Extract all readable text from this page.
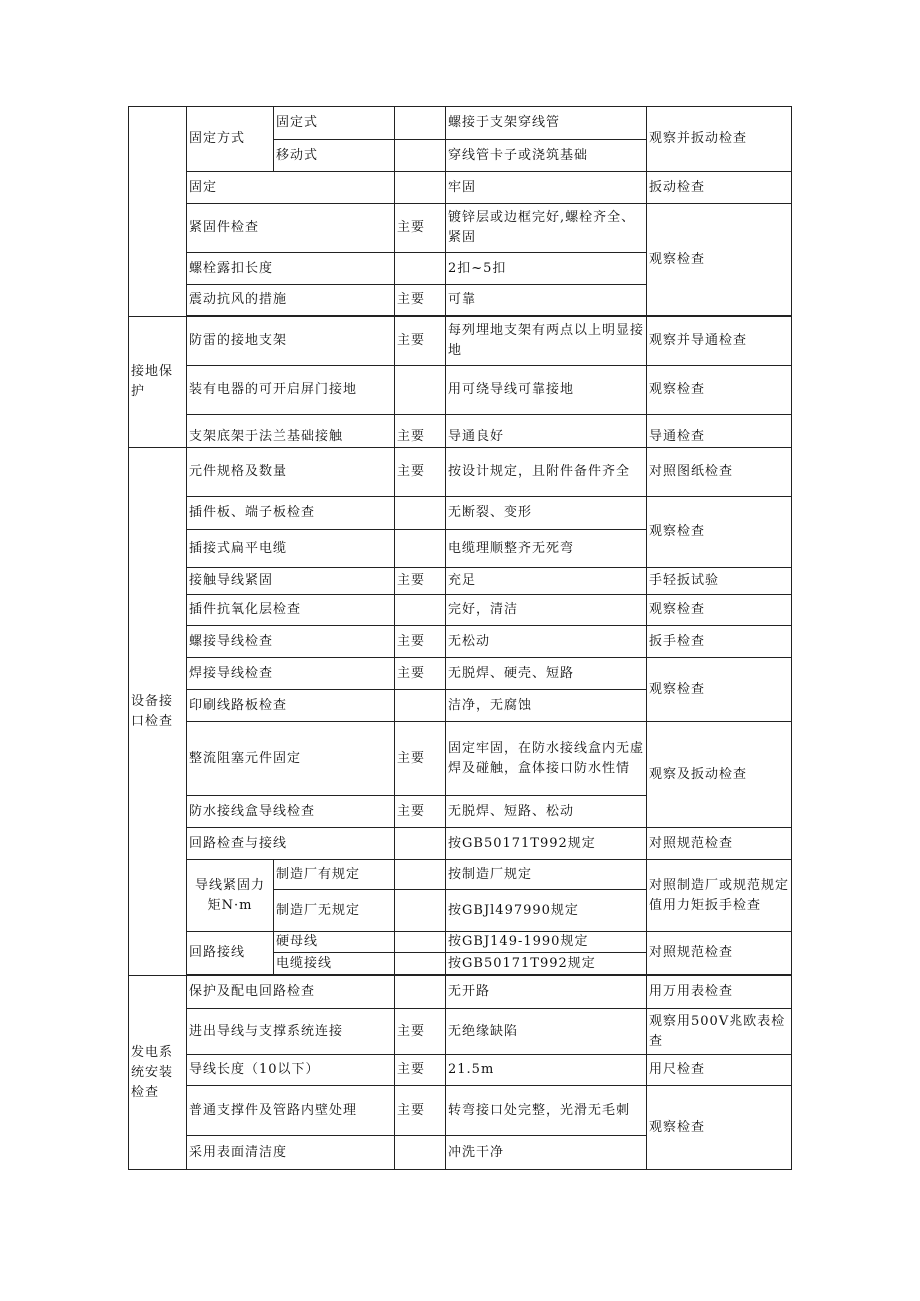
	固定方式	固定式		螺接于支架穿线管	观察并扳动检查
		移动式		穿线管卡子或浇筑基础	
	固定			牢固	扳动检查
	紧固件检查		主要	镀锌层或边框完好,螺栓齐全、紧固	观察检查
	螺栓露扣长度			2扣~5扣	
	震动抗风的措施		主要	可靠	

接地保护	防雷的接地支架		主要	每列埋地支架有两点以上明显接地	观察并导通检查
	装有电器的可开启屏门接地			用可绕导线可靠接地	观察检查
	支架底架于法兰基础接触		主要	导通良好	导通检查
设备接口检查	元件规格及数量		主要	按设计规定，且附件备件齐全	对照图纸检查
	插件板、端子板检查			无断裂、变形	观察检查
	插接式扁平电缆			电缆理顺整齐无死弯	
	接触导线紧固		主要	充足	手轻扳试验
	插件抗氧化层检查			完好，清洁	观察检查
	螺接导线检查		主要	无松动	扳手检查
	焊接导线检查		主要	无脱焊、硬壳、短路	观察检查
	印刷线路板检查			洁净，无腐蚀	
	整流阻塞元件固定		主要	固定牢固，在防水接线盒内无虚焊及碰触，盒体接口防水性情	观察及扳动检查
	防水接线盒导线检查		主要	无脱焊、短路、松动	
	回路检查与接线			按GB50171T992规定	对照规范检查
	导线紧固力矩N·m	制造厂有规定		按制造厂规定	对照制造厂或规范规定值用力矩扳手检查
		制造厂无规定		按GBJl497990规定	
	回路接线	硬母线		按GBJ149-1990规定	对照规范检查
		电缆接线		按GB50171T992规定	

发电系统安装检查	保护及配电回路检查			无开路	用万用表检查
	进出导线与支撑系统连接		主要	无绝缘缺陷	观察用500V兆欧表检查
	导线长度（10以下）		主要	21.5m	用尺检查
	普通支撑件及管路内壁处理		主要	转弯接口处完整，光滑无毛刺	观察检查
	采用表面清洁度			冲洗干净	
